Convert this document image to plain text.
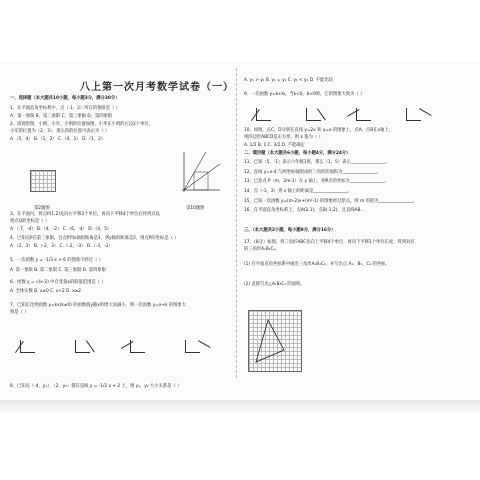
八上第一次月考数学试卷（一）
一、选择题（本大题共10小题，每小题3分，满分30分）
1、在平面直角坐标系中，点（-1，2）所在的象限是（ ）
A、第一象限 B、第二象限 C、第三象限 D、第四象限
2、请观察图，小明、小军、小明的位置如图，小华在小明的右边2个单位，
小军的位置为（2，3），那么你的位置可表示为（ ）
A.（5，4） B.（1，2） C.（4，1） D.（1，2）
3、在平面内，将点P(1,2)先向右平移3个单位，再向下平移4个单位后得到点Q，
则点Q的坐标是（ ）
A.（-7，-4） B.（4，-2） C.（6，-4） D.（4，5）
4、已知点P在第三象限，且点P到x轴的距离是3，到y轴的距离是2，则点P的坐标是（ ）
A.（2，3） B.（-2，3） C.（-2，-3） D.（-3，-2）
5、一次函数 y = -1/3 x + 6 的图象不经过（ ）
A. 第一象限 B. 第二象限 C. 第三象限 D. 第四象限
6、函数 y = √(x-2) 中自变量x的取值范围是（ ）
A. 全体实数 B. x≠0 C. x<2 D. x≥2
7、已知正比例函数 y=kx(k≠0) 的函数值y随x的增大而减小，则一次函数 y=x+k 的图象大
致是（ ）
8、已知点（-4，y₁），（2，y₂）都在直线 y = -1/2 x + 2 上，则 y₁，y₂ 大小关系是（ ）
A. y₁ > y₂ B. y₁ = y₂ C. y₁ < y₂ D. 不能比较
9、一次函数 y=kx-b，当k<0，b<0时，它的图象大致为（ ）
10、如图，点C，D分别在直线 y=2x 和 y=x 的图象上，点A，点B在x轴上，
则四边形ABCD是正方形，则 k 值为（ ）
A. 1/2 B. 1 C. 3/2 D. 不能确定
二、填空题（本大题共6小题，每小题4分，满分24分）
11、已知（5，-1）表示六年级1班，那么（1，5）表示________________。
12、直线 y=x-4 与两坐标轴围成的三角形的面积为________________。
13、已知点 P（m，2m-1）在 y 轴上，则P点的坐标为________________。
14、点（-3，2）到 x 轴上的距离是________________。
15、已知一次函数 y=(m-2)x+(m²-1) 的图象经过原点，则 m 的值为________________。
16、在平面直角坐标系上，点A(2,1)，点B(-1,2)，且直线AB...
三、（本大题共2小题，每小题8分，满分16分）
17、（8分）如图，将三角形ABC先向上平移4个单位，再向下平移1个单位长度，得到对应
的三角形A₁B₁C₁。
(1) 在平面直角坐标系中画出三角形A₁B₁C₁，并写出点 A₁、B₁、C₁ 的坐标。
(2) 直接写出△A₁B₁C₁ 的面积。
第2题图	第10题图
